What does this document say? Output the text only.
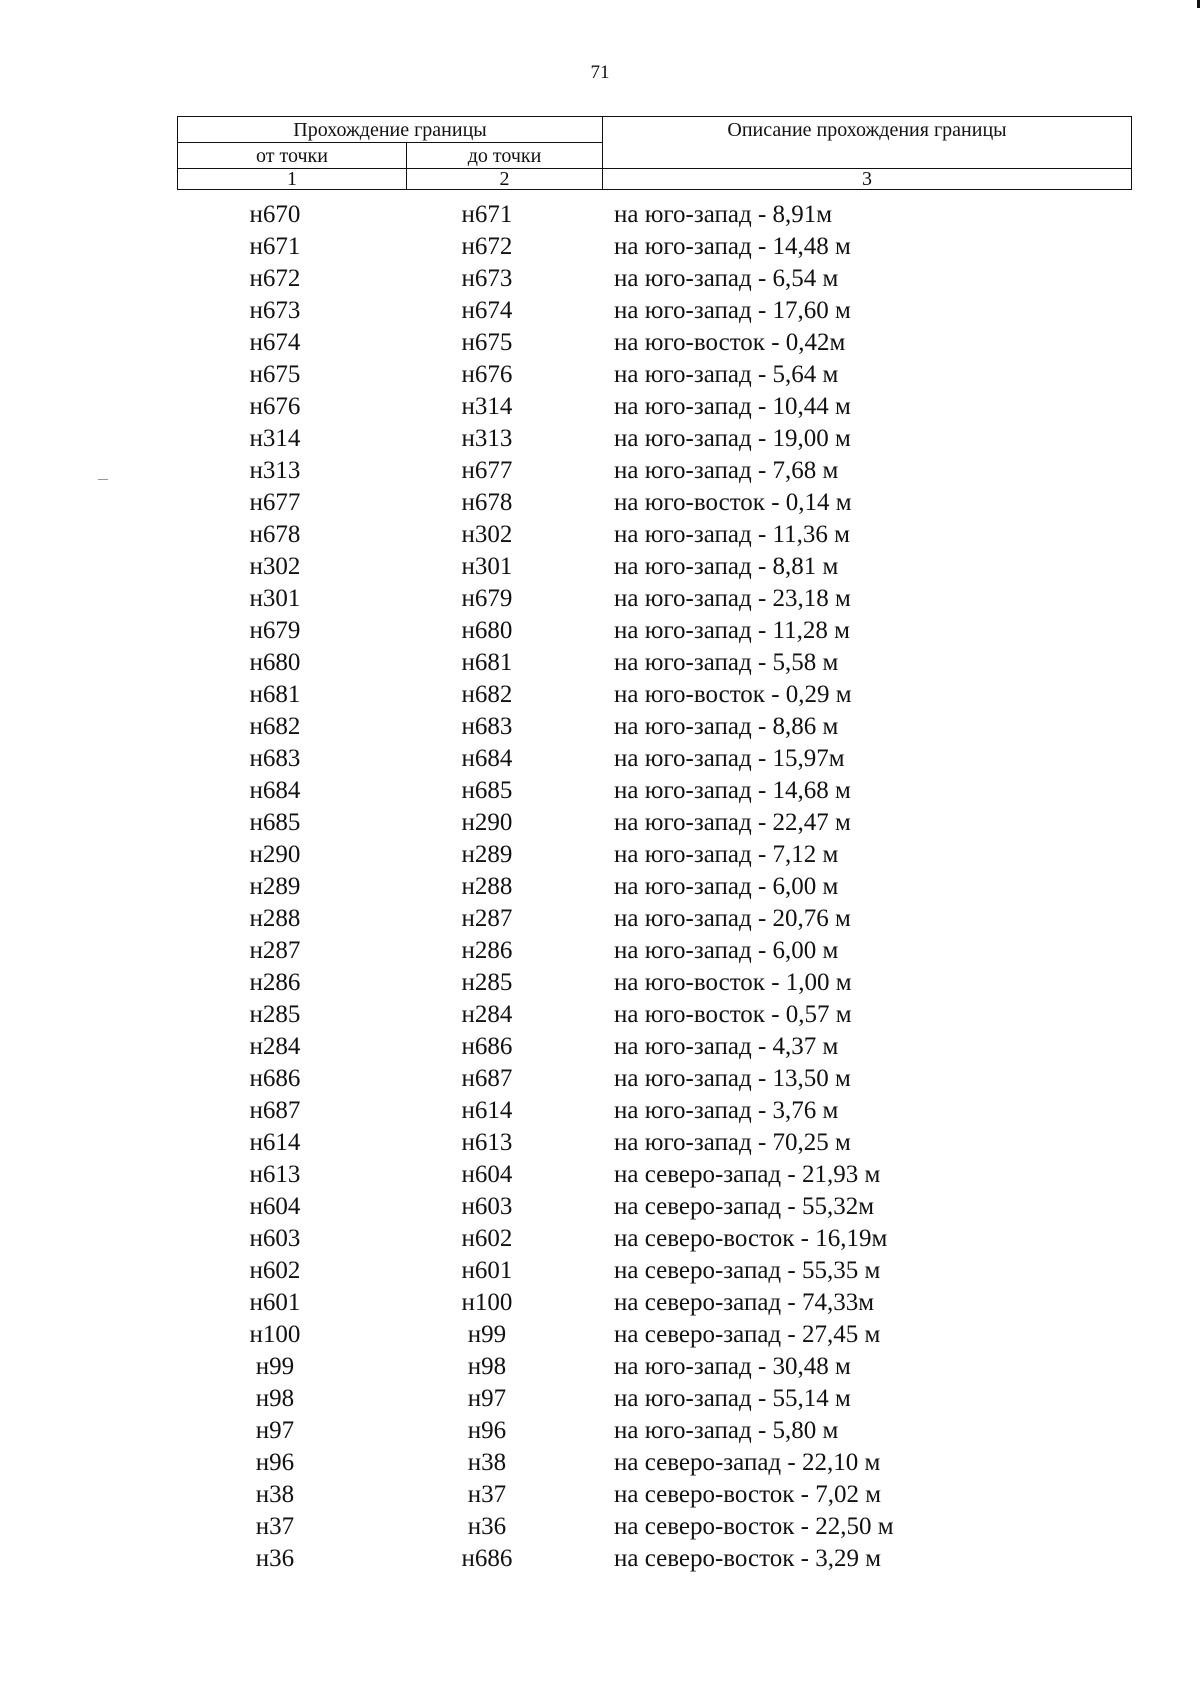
71
Прохождение границы		Описание прохождения границы
от точки	до точки	
1	2	3
н670	н671	на юго-запад - 8,91м
н671	н672	на юго-запад - 14,48 м
н672	н673	на юго-запад - 6,54 м
н673	н674	на юго-запад - 17,60 м
н674	н675	на юго-восток - 0,42м
н675	н676	на юго-запад - 5,64 м
н676	н314	на юго-запад - 10,44 м
н314	н313	на юго-запад - 19,00 м
н313	н677	на юго-запад - 7,68 м
н677	н678	на юго-восток - 0,14 м
н678	н302	на юго-запад - 11,36 м
н302	н301	на юго-запад - 8,81 м
н301	н679	на юго-запад - 23,18 м
н679	н680	на юго-запад - 11,28 м
н680	н681	на юго-запад - 5,58 м
н681	н682	на юго-восток - 0,29 м
н682	н683	на юго-запад - 8,86 м
н683	н684	на юго-запад - 15,97м
н684	н685	на юго-запад - 14,68 м
н685	н290	на юго-запад - 22,47 м
н290	н289	на юго-запад - 7,12 м
н289	н288	на юго-запад - 6,00 м
н288	н287	на юго-запад - 20,76 м
н287	н286	на юго-запад - 6,00 м
н286	н285	на юго-восток - 1,00 м
н285	н284	на юго-восток - 0,57 м
н284	н686	на юго-запад - 4,37 м
н686	н687	на юго-запад - 13,50 м
н687	н614	на юго-запад - 3,76 м
н614	н613	на юго-запад - 70,25 м
н613	н604	на северо-запад - 21,93 м
н604	н603	на северо-запад - 55,32м
н603	н602	на северо-восток - 16,19м
н602	н601	на северо-запад - 55,35 м
н601	н100	на северо-запад - 74,33м
н100	н99	на северо-запад - 27,45 м
н99	н98	на юго-запад - 30,48 м
н98	н97	на юго-запад - 55,14 м
н97	н96	на юго-запад - 5,80 м
н96	н38	на северо-запад - 22,10 м
н38	н37	на северо-восток - 7,02 м
н37	н36	на северо-восток - 22,50 м
н36	н686	на северо-восток - 3,29 м
